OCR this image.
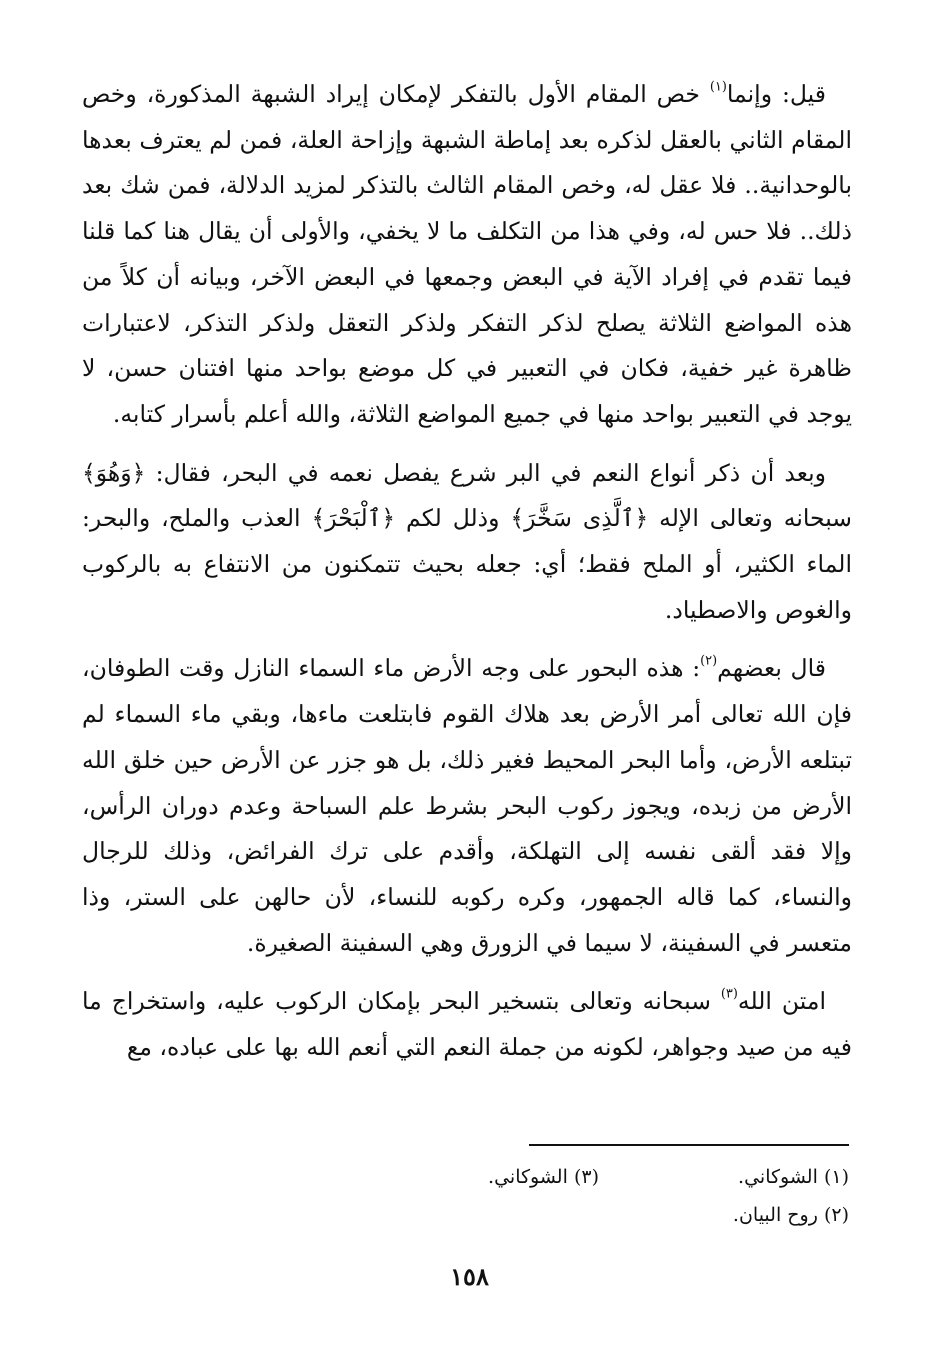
قيل: وإنما$^{(١)}$ خص المقام الأول بالتفكر لإمكان إيراد الشبهة المذكورة، وخص المقام الثاني بالعقل لذكره بعد إماطة الشبهة وإزاحة العلة، فمن لم يعترف بعدها بالوحدانية.. فلا عقل له، وخص المقام الثالث بالتذكر لمزيد الدلالة، فمن شك بعد ذلك.. فلا حس له، وفي هذا من التكلف ما لا يخفي، والأولى أن يقال هنا كما قلنا فيما تقدم في إفراد الآية في البعض وجمعها في البعض الآخر، وبيانه أن كلاً من هذه المواضع الثلاثة يصلح لذكر التفكر ولذكر التعقل ولذكر التذكر، لاعتبارات ظاهرة غير خفية، فكان في التعبير في كل موضع بواحد منها افتنان حسن، لا يوجد في التعبير بواحد منها في جميع المواضع الثلاثة، والله أعلم بأسرار كتابه.

وبعد أن ذكر أنواع النعم في البر شرع يفصل نعمه في البحر، فقال: ﴿وَهُوَ﴾ سبحانه وتعالى الإله ﴿ٱلَّذِى سَخَّرَ﴾ وذلل لكم ﴿ٱلْبَحْرَ﴾ العذب والملح، والبحر: الماء الكثير، أو الملح فقط؛ أي: جعله بحيث تتمكنون من الانتفاع به بالركوب والغوص والاصطياد.

قال بعضهم$^{(٢)}$: هذه البحور على وجه الأرض ماء السماء النازل وقت الطوفان، فإن الله تعالى أمر الأرض بعد هلاك القوم فابتلعت ماءها، وبقي ماء السماء لم تبتلعه الأرض، وأما البحر المحيط فغير ذلك، بل هو جزر عن الأرض حين خلق الله الأرض من زبده، ويجوز ركوب البحر بشرط علم السباحة وعدم دوران الرأس، وإلا فقد ألقى نفسه إلى التهلكة، وأقدم على ترك الفرائض، وذلك للرجال والنساء، كما قاله الجمهور، وكره ركوبه للنساء، لأن حالهن على الستر، وذا متعسر في السفينة، لا سيما في الزورق وهي السفينة الصغيرة.

امتن الله$^{(٣)}$ سبحانه وتعالى بتسخير البحر بإمكان الركوب عليه، واستخراج ما فيه من صيد وجواهر، لكونه من جملة النعم التي أنعم الله بها على عباده، مع

(١) الشوكاني.
(٣) الشوكاني.
(٢) روح البيان.
١٥٨
